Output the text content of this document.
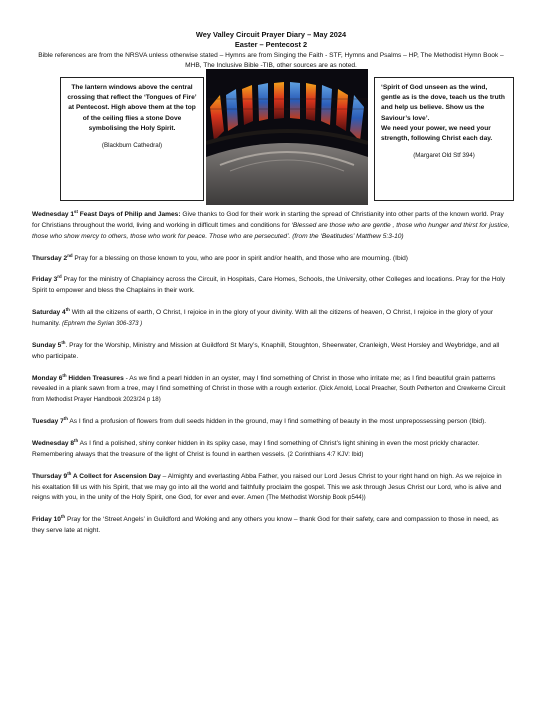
Wey Valley Circuit Prayer Diary – May 2024
Easter – Pentecost 2
Bible references are from the NRSVA unless otherwise stated – Hymns are from Singing the Faith - STF, Hymns and Psalms – HP, The Methodist Hymn Book – MHB, The Inclusive Bible -TIB, other sources are as noted.
The lantern windows above the central crossing that reflect the ‘Tongues of Fire’ at Pentecost. High above them at the top of the ceiling flies a stone Dove symbolising the Holy Spirit.
(Blackburn Cathedral)
‘Spirit of God unseen as the wind, gentle as is the dove, teach us the truth and help us believe. Show us the Saviour’s love’.
We need your power, we need your strength, following Christ each day.
(Margaret Old Stf 394)

Wednesday 1st Feast Days of Philip and James: Give thanks to God for their work in starting the spread of Christianity into other parts of the known world. Pray for Christians throughout the world, living and working in difficult times and conditions for ‘Blessed are those who are gentle , those who hunger and thirst for justice, those who show mercy to others, those who work for peace. Those who are persecuted’. (from the ‘Beatitudes’ Matthew 5:3-10)

Thursday 2nd Pray for a blessing on those known to you, who are poor in spirit and/or health, and those who are mourning. (Ibid)

Friday 3rd Pray for the ministry of Chaplaincy across the Circuit, in Hospitals, Care Homes, Schools, the University, other Colleges and locations. Pray for the Holy Spirit to empower and bless the Chaplains in their work.

Saturday 4th With all the citizens of earth, O Christ, I rejoice in in the glory of your divinity. With all the citizens of heaven, O Christ, I rejoice in the glory of your humanity. (Ephrem the Syrian 306-373 )

Sunday 5th. Pray for the Worship, Ministry and Mission at Guildford St Mary’s, Knaphill, Stoughton, Sheerwater, Cranleigh, West Horsley and Weybridge, and all who participate.

Monday 6th Hidden Treasures - As we find a pearl hidden in an oyster, may I find something of Christ in those who irritate me; as I find beautiful grain patterns revealed in a plank sawn from a tree, may I find something of Christ in those with a rough exterior. (Dick Arnold, Local Preacher, South Petherton and Crewkerne Circuit from Methodist Prayer Handbook 2023/24 p 18)

Tuesday 7th As I find a profusion of flowers from dull seeds hidden in the ground, may I find something of beauty in the most unprepossessing person (Ibid).

Wednesday 8th As I find a polished, shiny conker hidden in its spiky case, may I find something of Christ’s light shining in even the most prickly character. Remembering always that the treasure of the light of Christ is found in earthen vessels. (2 Corinthians 4:7 KJV: Ibid)

Thursday 9th A Collect for Ascension Day – Almighty and everlasting Abba Father, you raised our Lord Jesus Christ to your right hand on high. As we rejoice in his exaltation fill us with his Spirit, that we may go into all the world and faithfully proclaim the gospel. This we ask through Jesus Christ our Lord, who is alive and reigns with you, in the unity of the Holy Spirit, one God, for ever and ever. Amen (The Methodist Worship Book p544))

Friday 10th Pray for the ‘Street Angels’ in Guildford and Woking and any others you know – thank God for their safety, care and compassion to those in need, as they serve late at night.
